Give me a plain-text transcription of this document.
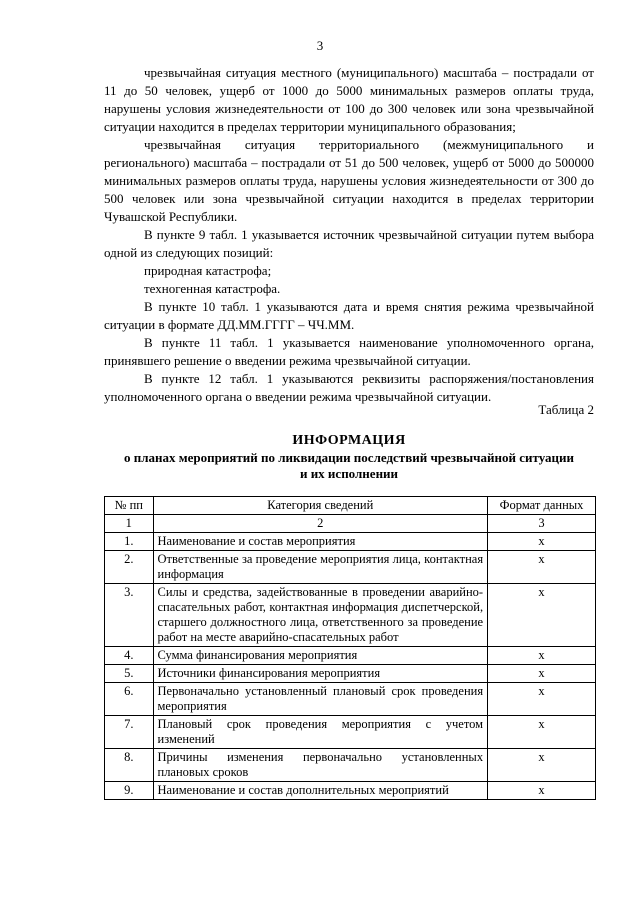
3

чрезвычайная ситуация местного (муниципального) масштаба – пострадали от 11 до 50 человек, ущерб от 1000 до 5000 минимальных размеров оплаты труда, нарушены условия жизнедеятельности от 100 до 300 человек или зона чрезвычайной ситуации находится в пределах территории муниципального образования;

чрезвычайная ситуация территориального (межмуниципального и регионального) масштаба – пострадали от 51 до 500 человек, ущерб от 5000 до 500000 минимальных размеров оплаты труда, нарушены условия жизнедеятельности от 300 до 500 человек или зона чрезвычайной ситуации находится в пределах территории Чувашской Республики.

В пункте 9 табл. 1 указывается источник чрезвычайной ситуации путем выбора одной из следующих позиций:

природная катастрофа;

техногенная катастрофа.

В пункте 10 табл. 1 указываются дата и время снятия режима чрезвычайной ситуации в формате ДД.ММ.ГГГГ – ЧЧ.ММ.

В пункте 11 табл. 1 указывается наименование уполномоченного органа, принявшего решение о введении режима чрезвычайной ситуации.

В пункте 12 табл. 1 указываются реквизиты распоряжения/постановления уполномоченного органа о введении режима чрезвычайной ситуации.

Таблица 2
ИНФОРМАЦИЯ
о планах мероприятий по ликвидации последствий чрезвычайной ситуации
и их исполнении
№ пп	Категория сведений	Формат данных
1	2	3
1.	Наименование и состав мероприятия	x
2.	Ответственные за проведение мероприятия лица, контактная информация	x
3.	Силы и средства, задействованные в проведении аварийно-спасательных работ, контактная информация диспетчерской, старшего должностного лица, ответственного за проведение работ на месте аварийно-спасательных работ	x
4.	Сумма финансирования мероприятия	x
5.	Источники финансирования мероприятия	x
6.	Первоначально установленный плановый срок проведения мероприятия	x
7.	Плановый срок проведения мероприятия с учетом изменений	x
8.	Причины изменения первоначально установленных плановых сроков	x
9.	Наименование и состав дополнительных мероприятий	x
